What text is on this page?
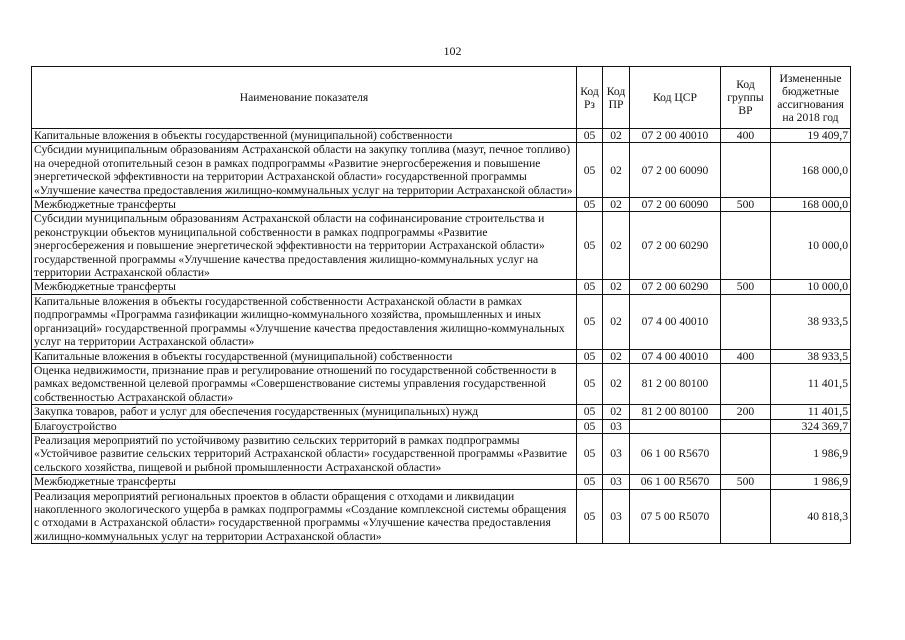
102
Наименование показателя	Код Рз	Код ПР	Код ЦСР	Код группы ВР	Измененные бюджетные ассигнования на 2018 год
Капитальные вложения в объекты государственной (муниципальной) собственности	05	02	07 2 00 40010	400	19 409,7
Субсидии муниципальным образованиям Астраханской области на закупку топлива (мазут, печное топливо) на очередной отопительный сезон в рамках подпрограммы «Развитие энергосбережения и повышение энергетической эффективности на территории Астраханской области» государственной программы «Улучшение качества предоставления жилищно-коммунальных услуг на территории Астраханской области»	05	02	07 2 00 60090		168 000,0
Межбюджетные трансферты	05	02	07 2 00 60090	500	168 000,0
Субсидии муниципальным образованиям Астраханской области на софинансирование строительства и реконструкции объектов муниципальной собственности в рамках подпрограммы «Развитие энергосбережения и повышение энергетической эффективности на территории Астраханской области» государственной программы «Улучшение качества предоставления жилищно-коммунальных услуг на территории Астраханской области»	05	02	07 2 00 60290		10 000,0
Межбюджетные трансферты	05	02	07 2 00 60290	500	10 000,0
Капитальные вложения в объекты государственной собственности Астраханской области в рамках подпрограммы «Программа газификации жилищно-коммунального хозяйства, промышленных и иных организаций» государственной программы «Улучшение качества предоставления жилищно-коммунальных услуг на территории Астраханской области»	05	02	07 4 00 40010		38 933,5
Капитальные вложения в объекты государственной (муниципальной) собственности	05	02	07 4 00 40010	400	38 933,5
Оценка недвижимости, признание прав и регулирование отношений по государственной собственности в рамках ведомственной целевой программы «Совершенствование системы управления государственной собственностью Астраханской области»	05	02	81 2 00 80100		11 401,5
Закупка товаров, работ и услуг для обеспечения государственных (муниципальных) нужд	05	02	81 2 00 80100	200	11 401,5
Благоустройство	05	03			324 369,7
Реализация мероприятий по устойчивому развитию сельских территорий в рамках подпрограммы «Устойчивое развитие сельских территорий Астраханской области» государственной программы «Развитие сельского хозяйства, пищевой и рыбной промышленности Астраханской области»	05	03	06 1 00 R5670		1 986,9
Межбюджетные трансферты	05	03	06 1 00 R5670	500	1 986,9
Реализация мероприятий региональных проектов в области обращения с отходами и ликвидации накопленного экологического ущерба в рамках подпрограммы «Создание комплексной системы обращения с отходами в Астраханской области» государственной программы «Улучшение качества предоставления жилищно-коммунальных услуг на территории Астраханской области»	05	03	07 5 00 R5070		40 818,3
